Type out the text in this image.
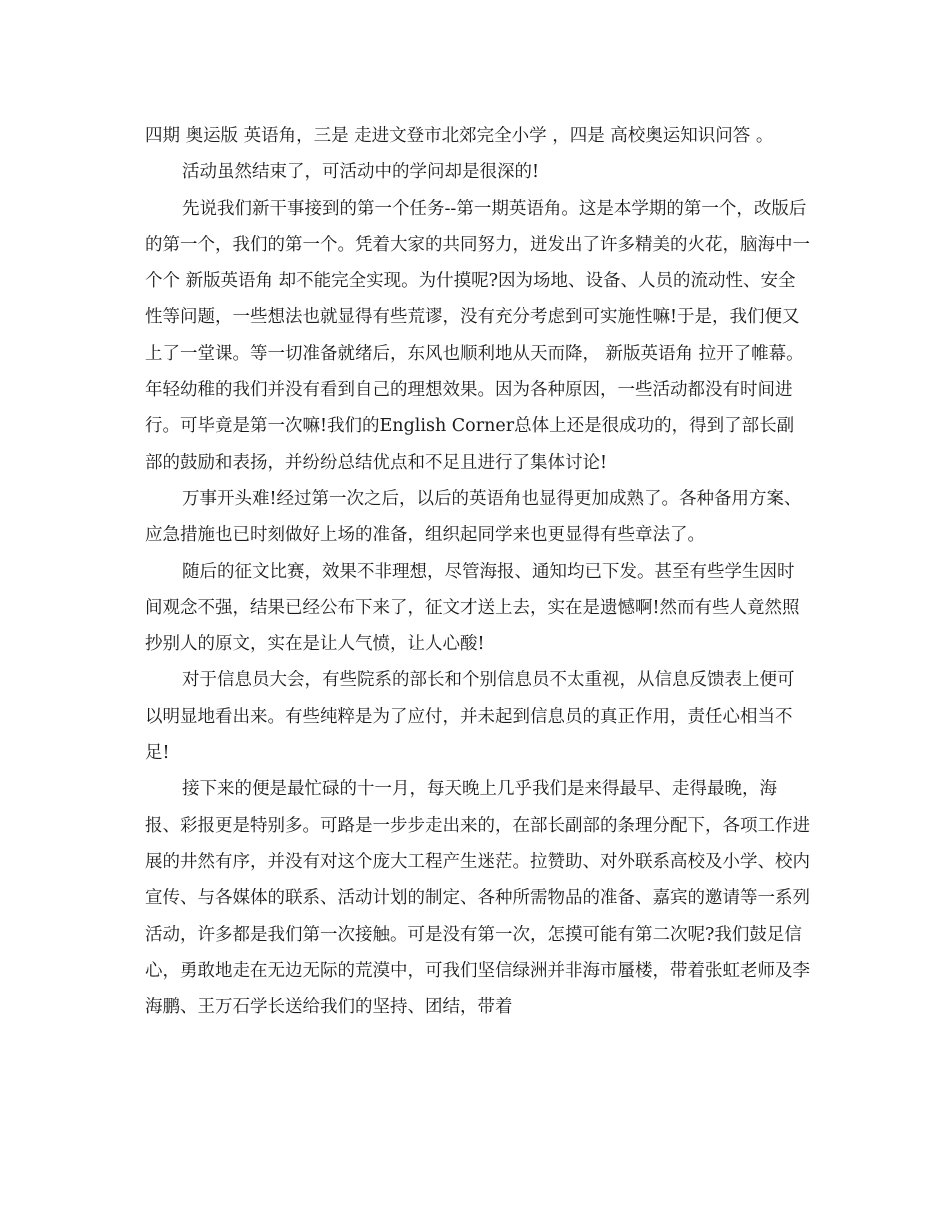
四期 奥运版 英语角，三是 走进文登市北郊完全小学 ，四是 高校奥运知识问答 。

活动虽然结束了，可活动中的学问却是很深的!

先说我们新干事接到的第一个任务--第一期英语角。这是本学期的第一个，改版后的第一个，我们的第一个。凭着大家的共同努力，迸发出了许多精美的火花，脑海中一个个 新版英语角 却不能完全实现。为什摸呢?因为场地、设备、人员的流动性、安全性等问题，一些想法也就显得有些荒谬，没有充分考虑到可实施性嘛!于是，我们便又上了一堂课。等一切准备就绪后，东风也顺利地从天而降， 新版英语角 拉开了帷幕。年轻幼稚的我们并没有看到自己的理想效果。因为各种原因，一些活动都没有时间进行。可毕竟是第一次嘛!我们的English Corner总体上还是很成功的，得到了部长副部的鼓励和表扬，并纷纷总结优点和不足且进行了集体讨论!

万事开头难!经过第一次之后，以后的英语角也显得更加成熟了。各种备用方案、应急措施也已时刻做好上场的准备，组织起同学来也更显得有些章法了。

随后的征文比赛，效果不非理想，尽管海报、通知均已下发。甚至有些学生因时间观念不强，结果已经公布下来了，征文才送上去，实在是遗憾啊!然而有些人竟然照抄别人的原文，实在是让人气愤，让人心酸!

对于信息员大会，有些院系的部长和个别信息员不太重视，从信息反馈表上便可以明显地看出来。有些纯粹是为了应付，并未起到信息员的真正作用，责任心相当不足!

接下来的便是最忙碌的十一月，每天晚上几乎我们是来得最早、走得最晚，海报、彩报更是特别多。可路是一步步走出来的，在部长副部的条理分配下，各项工作进展的井然有序，并没有对这个庞大工程产生迷茫。拉赞助、对外联系高校及小学、校内宣传、与各媒体的联系、活动计划的制定、各种所需物品的准备、嘉宾的邀请等一系列活动，许多都是我们第一次接触。可是没有第一次，怎摸可能有第二次呢?我们鼓足信心，勇敢地走在无边无际的荒漠中，可我们坚信绿洲并非海市蜃楼，带着张虹老师及李海鹏、王万石学长送给我们的坚持、团结，带着
